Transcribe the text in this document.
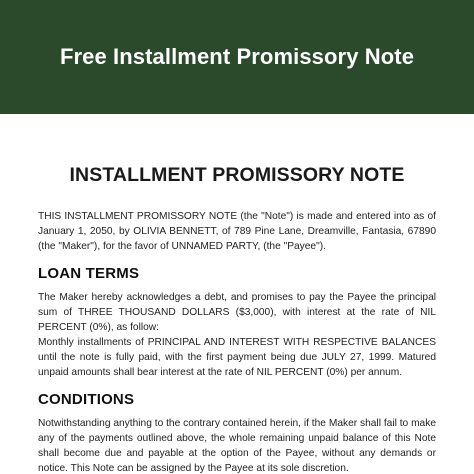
Free Installment Promissory Note
INSTALLMENT PROMISSORY NOTE

THIS INSTALLMENT PROMISSORY NOTE (the "Note") is made and entered into as of January 1, 2050, by OLIVIA BENNETT, of 789 Pine Lane, Dreamville, Fantasia, 67890 (the "Maker"), for the favor of UNNAMED PARTY, (the "Payee").

LOAN TERMS

The Maker hereby acknowledges a debt, and promises to pay the Payee the principal sum of THREE THOUSAND DOLLARS ($3,000), with interest at the rate of NIL PERCENT (0%), as follow:

Monthly installments of PRINCIPAL AND INTEREST WITH RESPECTIVE BALANCES until the note is fully paid, with the first payment being due JULY 27, 1999. Matured unpaid amounts shall bear interest at the rate of NIL PERCENT (0%) per annum.

CONDITIONS

Notwithstanding anything to the contrary contained herein, if the Maker shall fail to make any of the payments outlined above, the whole remaining unpaid balance of this Note shall become due and payable at the option of the Payee, without any demands or notice. This Note can be assigned by the Payee at its sole discretion.
